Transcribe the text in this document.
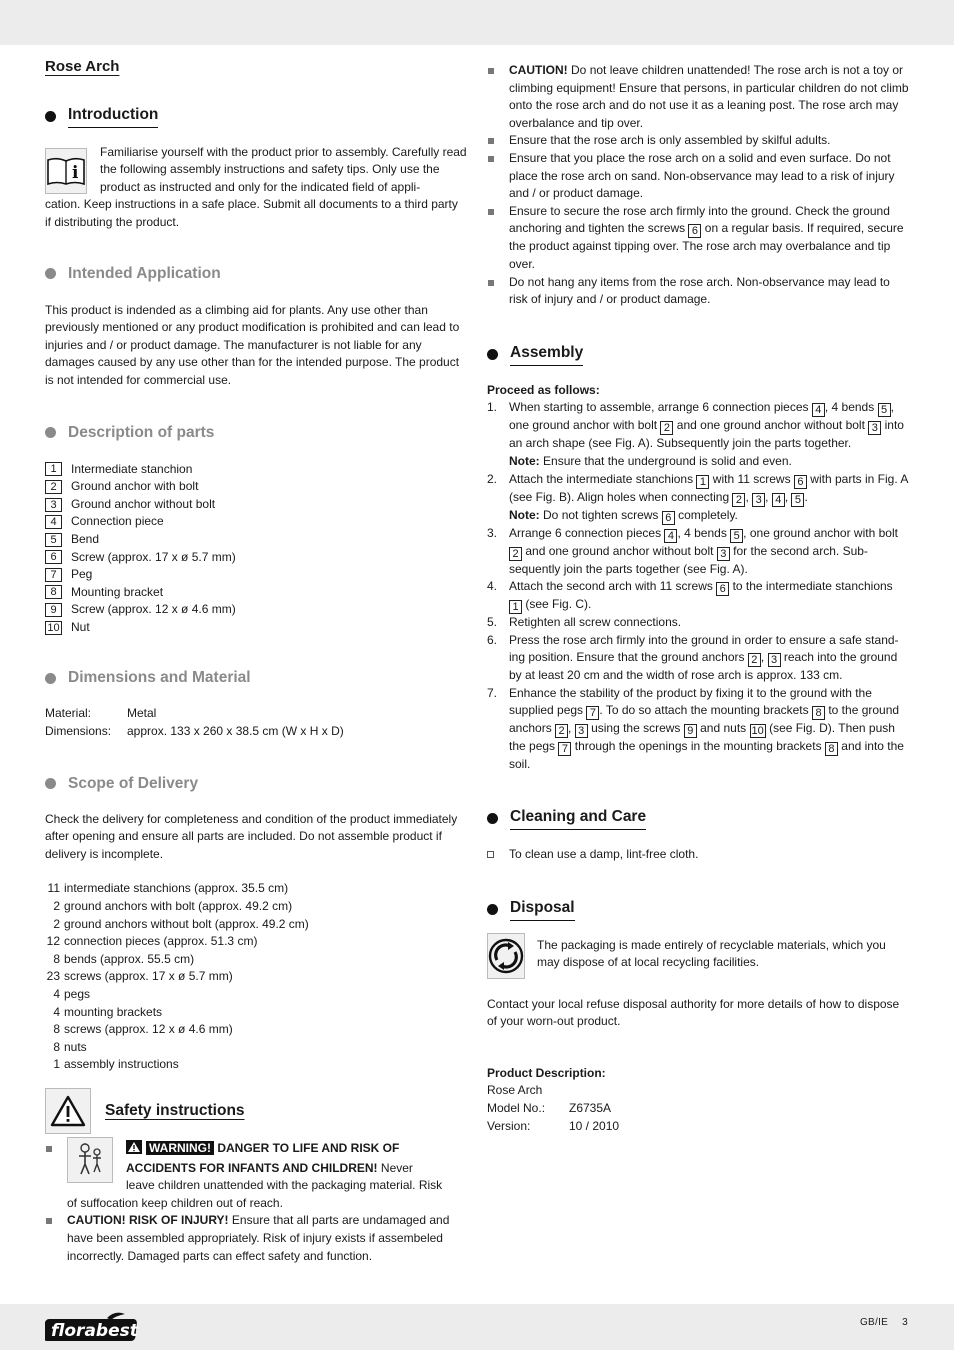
Rose Arch
Introduction
i

Familiarise yourself with the product prior to assembly. Carefully read the following assembly instructions and safety tips. Only use the product as instructed and only for the indicated field of appli-

cation. Keep instructions in a safe place. Submit all documents to a third party if distributing the product.

Intended Application

This product is indended as a climbing aid for plants. Any use other than previously mentioned or any product modification is prohibited and can lead to injuries and / or product damage. The manufacturer is not liable for any damages caused by any use other than for the intended purpose. The product is not intended for commercial use.

Description of parts
1	Intermediate stanchion
2	Ground anchor with bolt
3	Ground anchor without bolt
4	Connection piece
5	Bend
6	Screw (approx. 17 x ø 5.7 mm)
7	Peg
8	Mounting bracket
9	Screw (approx. 12 x ø 4.6 mm)
10 Nut
Dimensions and Material
Material:	Metal
Dimensions:	approx. 133 x 260 x 38.5 cm (W x H x D)
Scope of Delivery

Check the delivery for completeness and condition of the product immediately after opening and ensure all parts are included. Do not assemble product if delivery is incomplete.

11 intermediate stanchions (approx. 35.5 cm)
2 ground anchors with bolt (approx. 49.2 cm)
2 ground anchors without bolt (approx. 49.2 cm)
12 connection pieces (approx. 51.3 cm)
8 bends (approx. 55.5 cm)
23 screws (approx. 17 x ø 5.7 mm)
4 pegs
4 mounting brackets
8 screws (approx. 12 x ø 4.6 mm)
8 nuts
1 assembly instructions
Safety instructions
WARNING! DANGER TO LIFE AND RISK OF ACCIDENTS FOR INFANTS AND CHILDREN! Never
leave children unattended with the packaging material. Risk
of suffocation keep children out of reach.
CAUTION! RISK OF INJURY! Ensure that all parts are undamaged and have been assembled appropriately. Risk of injury exists if assembeled incorrectly. Damaged parts can effect safety and function.
CAUTION! Do not leave children unattended! The rose arch is not a toy or climbing equipment! Ensure that persons, in particular children do not climb onto the rose arch and do not use it as a leaning post. The rose arch may overbalance and tip over.
Ensure that the rose arch is only assembled by skilful adults.
Ensure that you place the rose arch on a solid and even surface. Do not place the rose arch on sand. Non-observance may lead to a risk of injury and / or product damage.
Ensure to secure the rose arch firmly into the ground. Check the ground anchoring and tighten the screws 6 on a regular basis. If required, secure the product against tipping over. The rose arch may overbalance and tip over.
Do not hang any items from the rose arch. Non-observance may lead to risk of injury and / or product damage.
Assembly
Proceed as follows:
1. When starting to assemble, arrange 6 connection pieces 4 , 4 bends 5 , one ground anchor with bolt 2 and one ground anchor without bolt 3 into an arch shape (see Fig. A). Subsequently join the parts together.
Note: Ensure that the underground is solid and even.
2. Attach the intermediate stanchions 1 with 11 screws 6 with parts in Fig. A (see Fig. B). Align holes when connecting 2 , 3 , 4 , 5 .
Note: Do not tighten screws 6 completely.
3. Arrange 6 connection pieces 4 , 4 bends 5 , one ground anchor with bolt 2 and one ground anchor without bolt 3 for the second arch. Sub-sequently join the parts together (see Fig. A).
4. Attach the second arch with 11 screws 6 to the intermediate stanchions 1 (see Fig. C).
5. Retighten all screw connections.
6. Press the rose arch firmly into the ground in order to ensure a safe stand-ing position. Ensure that the ground anchors 2 , 3 reach into the ground by at least 20 cm and the width of rose arch is approx. 133 cm.
7. Enhance the stability of the product by fixing it to the ground with the supplied pegs 7 . To do so attach the mounting brackets 8 to the ground anchors 2 , 3 using the screws 9 and nuts 10 (see Fig. D). Then push the pegs 7 through the openings in the mounting brackets 8 and into the soil.
Cleaning and Care
To clean use a damp, lint-free cloth.
Disposal

The packaging is made entirely of recyclable materials, which you may dispose of at local recycling facilities.

Contact your local refuse disposal authority for more details of how to dispose of your worn-out product.

Product Description:
Rose Arch
Model No.:	Z6735A
Version:	10 / 2010
florabest	GB/IE 3
